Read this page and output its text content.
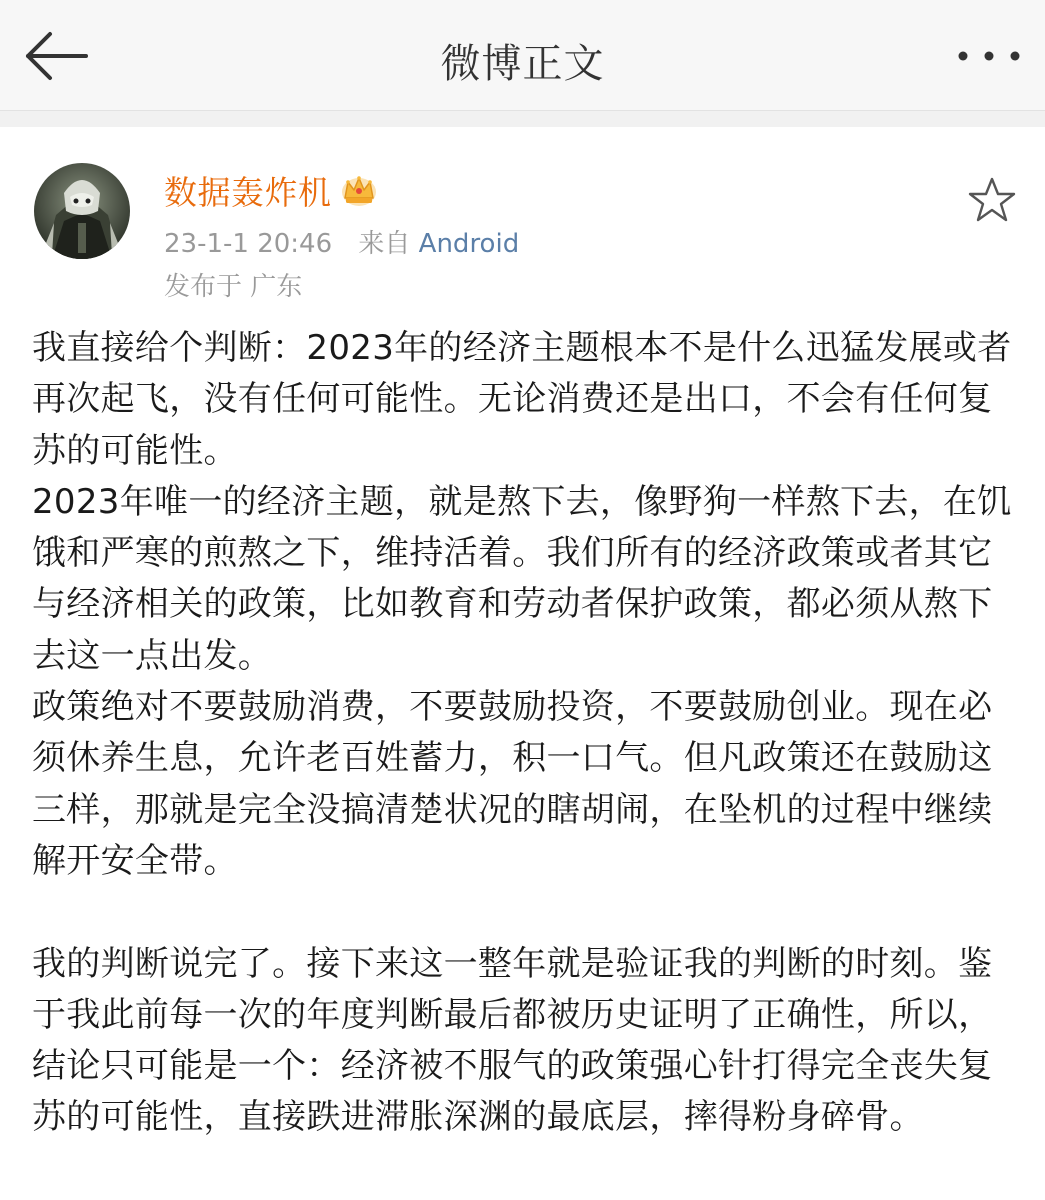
微博正文
数据轰炸机
23-1-1 20:46 来自 Android
发布于 广东

我直接给个判断：2023年的经济主题根本不是什么迅猛发展或者再次起飞，没有任何可能性。无论消费还是出口，不会有任何复苏的可能性。

2023年唯一的经济主题，就是熬下去，像野狗一样熬下去，在饥饿和严寒的煎熬之下，维持活着。我们所有的经济政策或者其它与经济相关的政策，比如教育和劳动者保护政策，都必须从熬下去这一点出发。

政策绝对不要鼓励消费，不要鼓励投资，不要鼓励创业。现在必须休养生息，允许老百姓蓄力，积一口气。但凡政策还在鼓励这三样，那就是完全没搞清楚状况的瞎胡闹，在坠机的过程中继续解开安全带。

我的判断说完了。接下来这一整年就是验证我的判断的时刻。鉴于我此前每一次的年度判断最后都被历史证明了正确性，所以，结论只可能是一个：经济被不服气的政策强心针打得完全丧失复苏的可能性，直接跌进滞胀深渊的最底层，摔得粉身碎骨。
